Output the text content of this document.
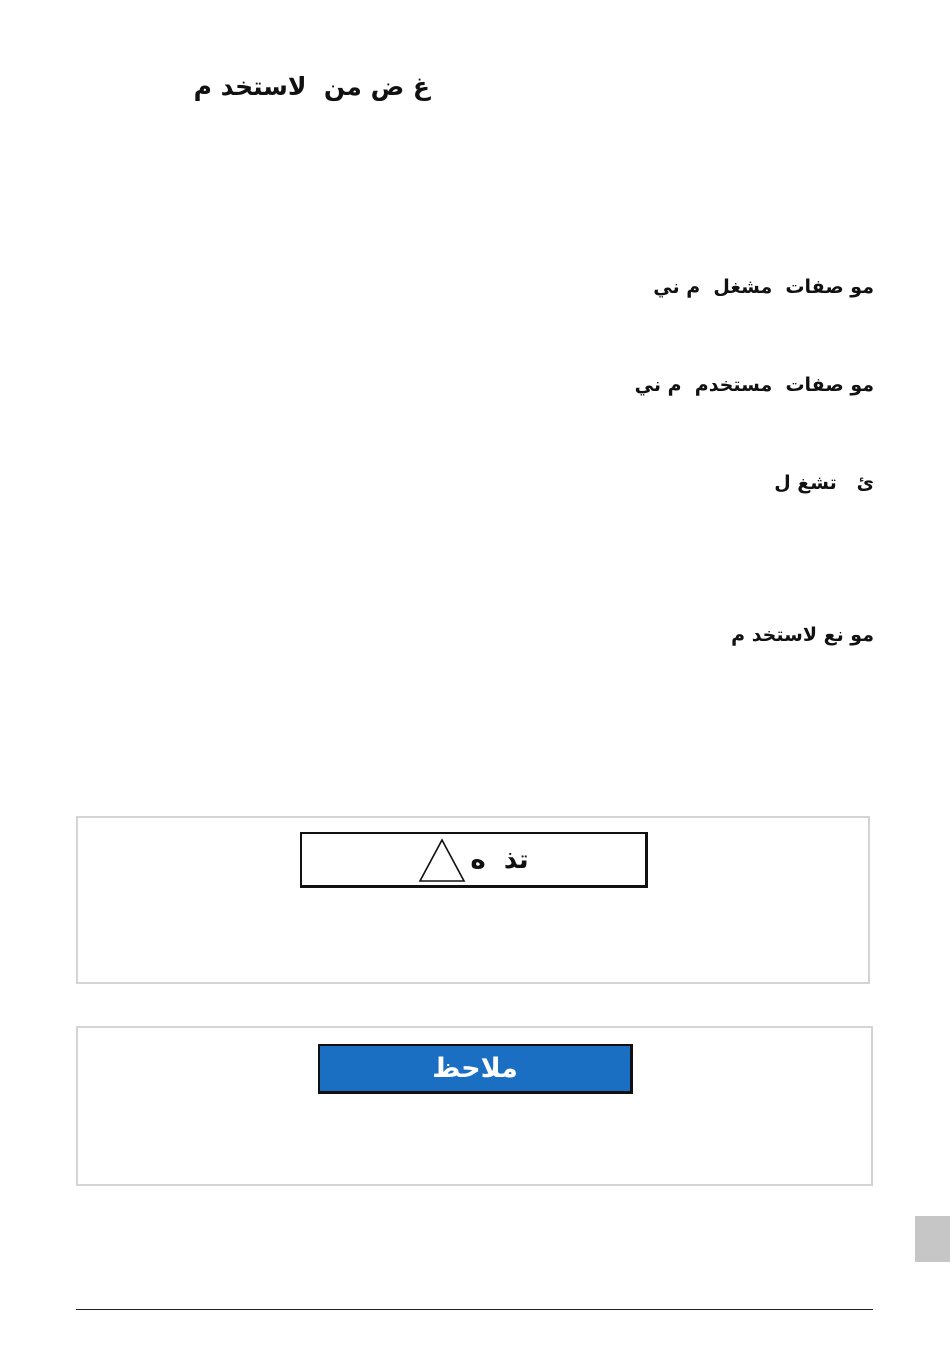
غ ض من  لاستخد م
مو صفات  مشغل  م ني
مو صفات  مستخدم  م ني
ئ   تشغ ل
مو نع لاستخد م
تذ  ه
ملاحظ
